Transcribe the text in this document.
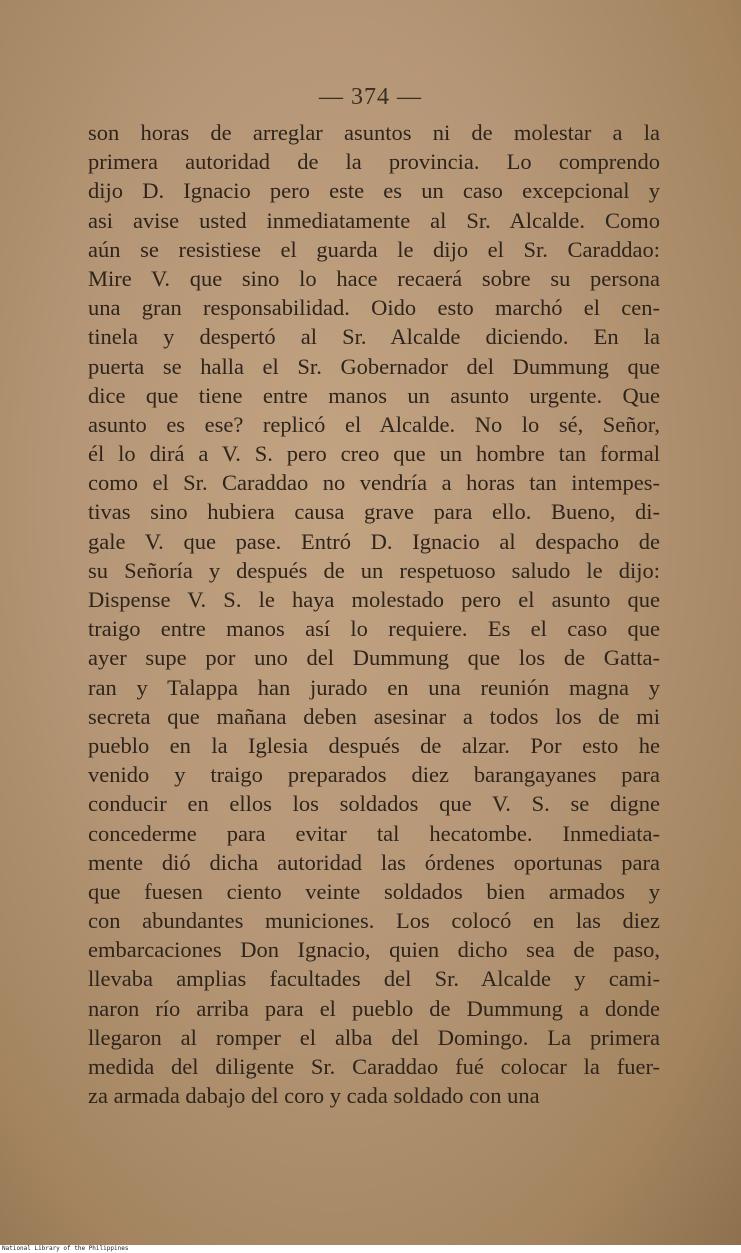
— 374 —
son horas de arreglar asuntos ni de molestar a la
primera autoridad de la provincia. Lo comprendo
dijo D. Ignacio pero este es un caso excepcional y
asi avise usted inmediatamente al Sr. Alcalde. Como
aún se resistiese el guarda le dijo el Sr. Caraddao:
Mire V. que sino lo hace recaerá sobre su persona
una gran responsabilidad. Oido esto marchó el cen-
tinela y despertó al Sr. Alcalde diciendo. En la
puerta se halla el Sr. Gobernador del Dummung que
dice que tiene entre manos un asunto urgente. Que
asunto es ese? replicó el Alcalde. No lo sé, Señor,
él lo dirá a V. S. pero creo que un hombre tan formal
como el Sr. Caraddao no vendría a horas tan intempes-
tivas sino hubiera causa grave para ello. Bueno, di-
gale V. que pase. Entró D. Ignacio al despacho de
su Señoría y después de un respetuoso saludo le dijo:
Dispense V. S. le haya molestado pero el asunto que
traigo entre manos así lo requiere. Es el caso que
ayer supe por uno del Dummung que los de Gatta-
ran y Talappa han jurado en una reunión magna y
secreta que mañana deben asesinar a todos los de mi
pueblo en la Iglesia después de alzar. Por esto he
venido y traigo preparados diez barangayanes para
conducir en ellos los soldados que V. S. se digne
concederme para evitar tal hecatombe. Inmediata-
mente dió dicha autoridad las órdenes oportunas para
que fuesen ciento veinte soldados bien armados y
con abundantes municiones. Los colocó en las diez
embarcaciones Don Ignacio, quien dicho sea de paso,
llevaba amplias facultades del Sr. Alcalde y cami-
naron río arriba para el pueblo de Dummung a donde
llegaron al romper el alba del Domingo. La primera
medida del diligente Sr. Caraddao fué colocar la fuer-
za armada dabajo del coro y cada soldado con una
National Library of the Philippines
